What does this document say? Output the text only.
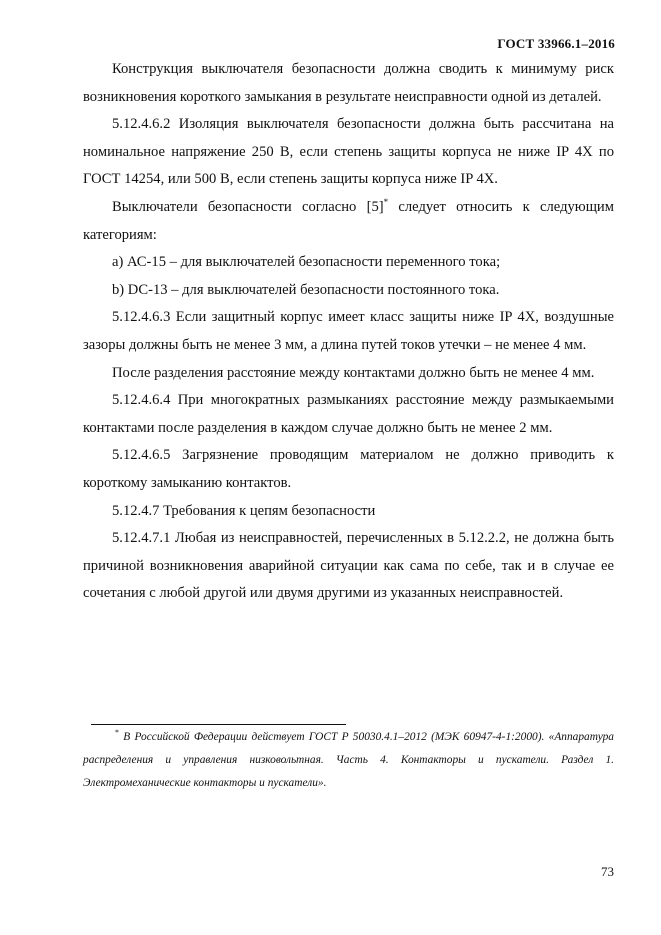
ГОСТ 33966.1–2016

Конструкция выключателя безопасности должна сводить к минимуму риск возникновения короткого замыкания в результате неисправности одной из деталей.

5.12.4.6.2 Изоляция выключателя безопасности должна быть рассчитана на номинальное напряжение 250 В, если степень защиты корпуса не ниже IP 4X по ГОСТ 14254, или 500 В, если степень защиты корпуса ниже IP 4X.

Выключатели безопасности согласно [5]* следует относить к следующим категориям:

а) АС-15 – для выключателей безопасности переменного тока;

b) DC-13 – для выключателей безопасности постоянного тока.

5.12.4.6.3 Если защитный корпус имеет класс защиты ниже IP 4X, воздушные зазоры должны быть не менее 3 мм, а длина путей токов утечки – не менее 4 мм.

После разделения расстояние между контактами должно быть не менее 4 мм.

5.12.4.6.4 При многократных размыканиях расстояние между размыкаемыми контактами после разделения в каждом случае должно быть не менее 2 мм.

5.12.4.6.5 Загрязнение проводящим материалом не должно приводить к короткому замыканию контактов.

5.12.4.7 Требования к цепям безопасности

5.12.4.7.1 Любая из неисправностей, перечисленных в 5.12.2.2, не должна быть причиной возникновения аварийной ситуации как сама по себе, так и в случае ее сочетания с любой другой или двумя другими из указанных неисправностей.

* В Российской Федерации действует ГОСТ Р 50030.4.1–2012 (МЭК 60947-4-1:2000). «Аппаратура распределения и управления низковольтная. Часть 4. Контакторы и пускатели. Раздел 1. Электромеханические контакторы и пускатели».

73
